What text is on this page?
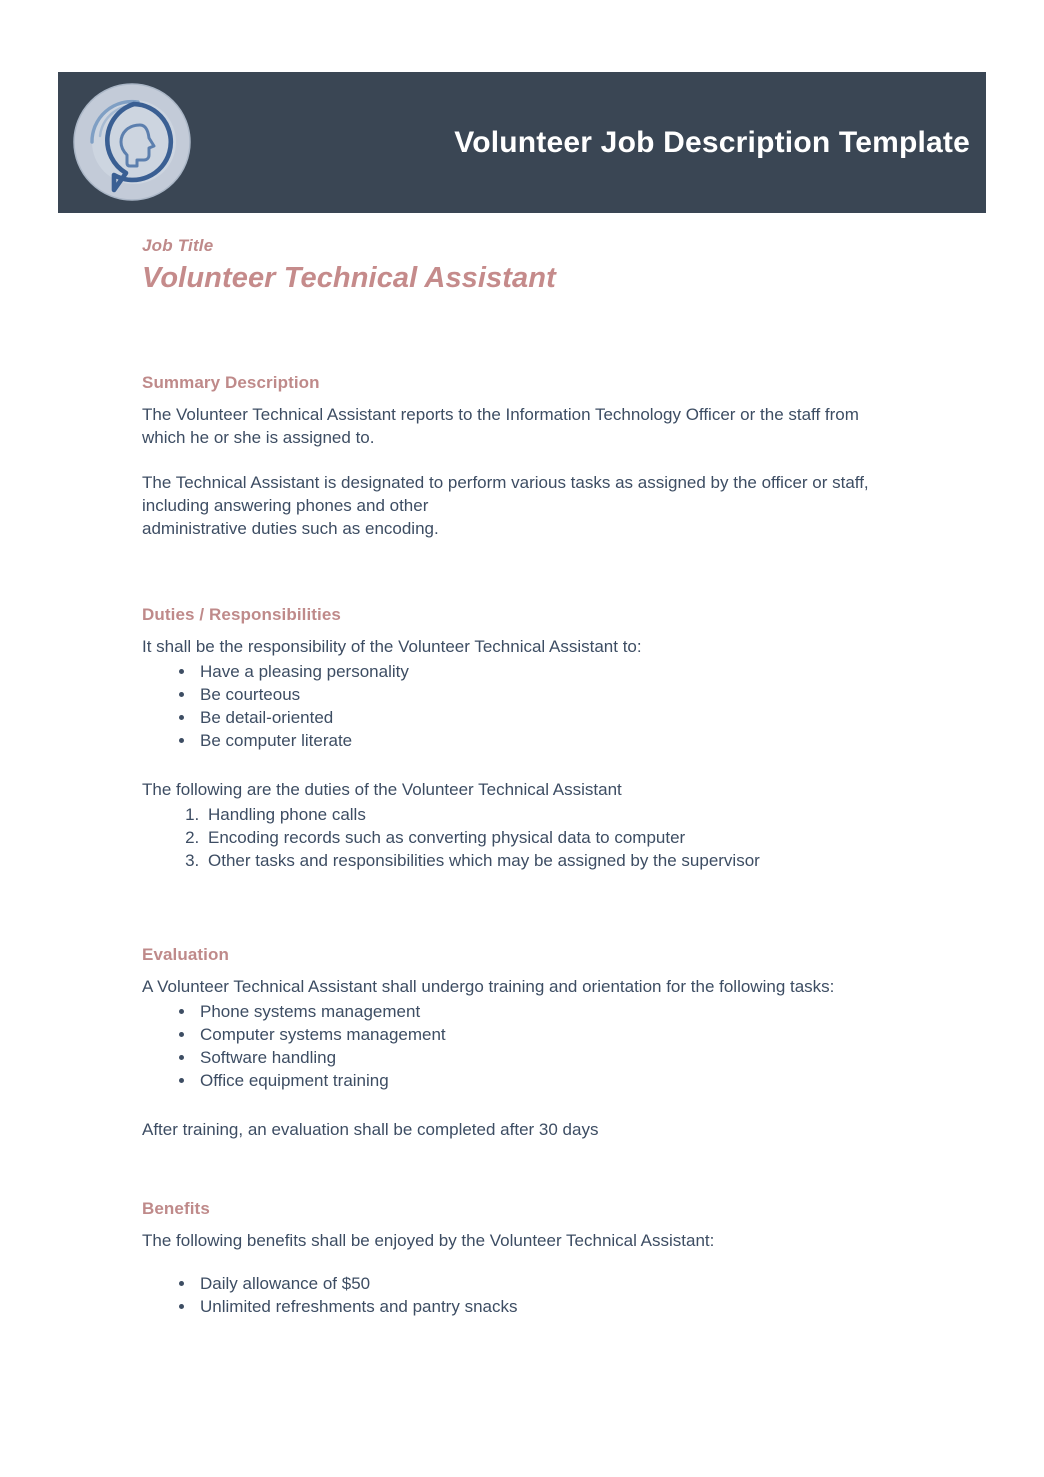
Volunteer Job Description Template

Job Title

Volunteer Technical Assistant

Summary Description

The Volunteer Technical Assistant reports to the Information Technology Officer or the staff from which he or she is assigned to.

The Technical Assistant is designated to perform various tasks as assigned by the officer or staff, including answering phones and other

administrative duties such as encoding.

Duties / Responsibilities

It shall be the responsibility of the Volunteer Technical Assistant to:

• Have a pleasing personality
• Be courteous
• Be detail-oriented
• Be computer literate

The following are the duties of the Volunteer Technical Assistant

1. Handling phone calls
2. Encoding records such as converting physical data to computer
3. Other tasks and responsibilities which may be assigned by the supervisor
Evaluation

A Volunteer Technical Assistant shall undergo training and orientation for the following tasks:

• Phone systems management
• Computer systems management
• Software handling
• Office equipment training

After training, an evaluation shall be completed after 30 days

Benefits

The following benefits shall be enjoyed by the Volunteer Technical Assistant:

• Daily allowance of $50
• Unlimited refreshments and pantry snacks
